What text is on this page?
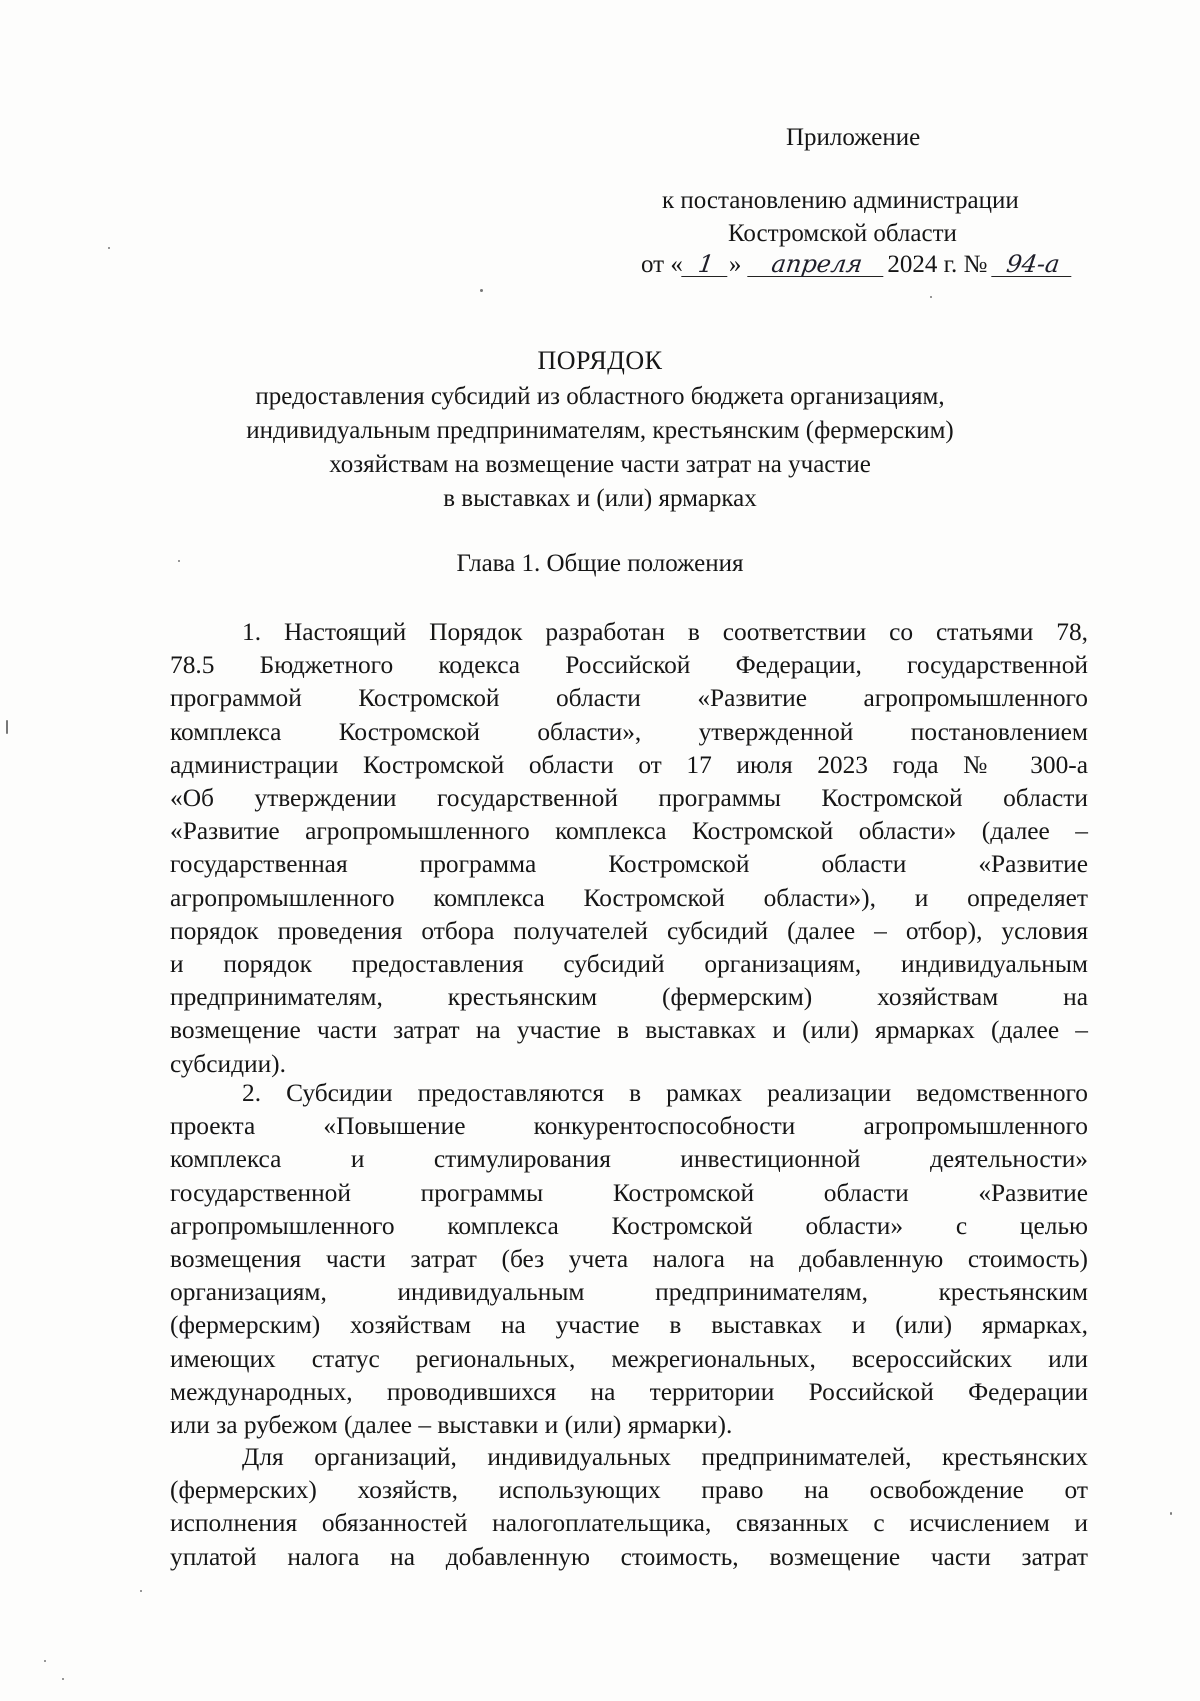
Приложение
к постановлению администрации
Костромской области
от « 1 » апреля 2024 г. № 94-а
ПОРЯДОК
предоставления субсидий из областного бюджета организациям,
индивидуальным предпринимателям, крестьянским (фермерским)
хозяйствам на возмещение части затрат на участие
в выставках и (или) ярмарках
Глава 1. Общие положения
1. Настоящий Порядок разработан в соответствии со статьями 78,
78.5 Бюджетного кодекса Российской Федерации, государственной
программой Костромской области «Развитие агропромышленного
комплекса Костромской области», утвержденной постановлением
администрации Костромской области от 17 июля 2023 года № 300-а
«Об утверждении государственной программы Костромской области
«Развитие агропромышленного комплекса Костромской области» (далее –
государственная программа Костромской области «Развитие
агропромышленного комплекса Костромской области»), и определяет
порядок проведения отбора получателей субсидий (далее – отбор), условия
и порядок предоставления субсидий организациям, индивидуальным
предпринимателям, крестьянским (фермерским) хозяйствам на
возмещение части затрат на участие в выставках и (или) ярмарках (далее –
субсидии).
2. Субсидии предоставляются в рамках реализации ведомственного
проекта «Повышение конкурентоспособности агропромышленного
комплекса и стимулирования инвестиционной деятельности»
государственной программы Костромской области «Развитие
агропромышленного комплекса Костромской области» с целью
возмещения части затрат (без учета налога на добавленную стоимость)
организациям, индивидуальным предпринимателям, крестьянским
(фермерским) хозяйствам на участие в выставках и (или) ярмарках,
имеющих статус региональных, межрегиональных, всероссийских или
международных, проводившихся на территории Российской Федерации
или за рубежом (далее – выставки и (или) ярмарки).
Для организаций, индивидуальных предпринимателей, крестьянских
(фермерских) хозяйств, использующих право на освобождение от
исполнения обязанностей налогоплательщика, связанных с исчислением и
уплатой налога на добавленную стоимость, возмещение части затрат
